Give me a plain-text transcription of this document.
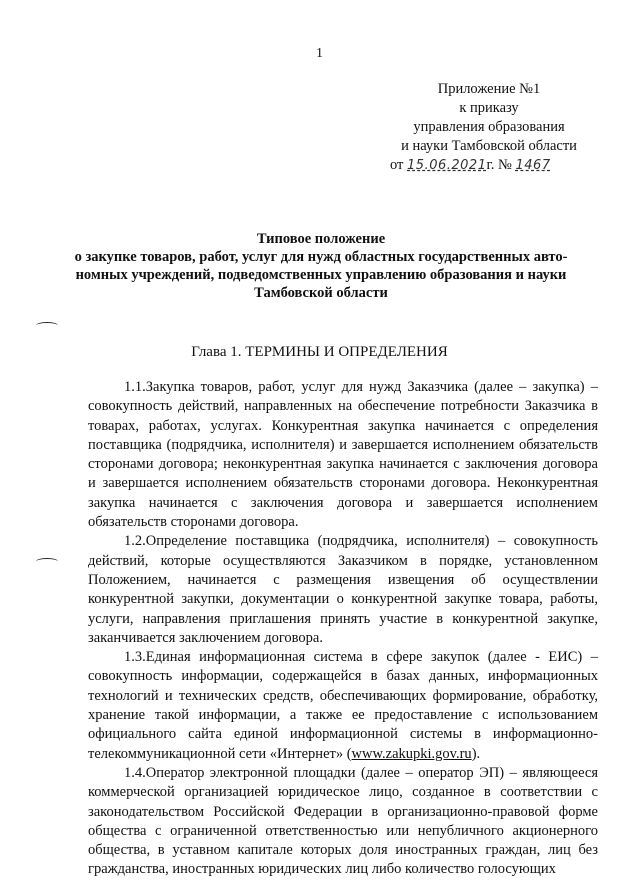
1
Приложение №1
к приказу
управления образования
и науки Тамбовской области
от 15.06.2021г. № 1467
Типовое положение
о закупке товаров, работ, услуг для нужд областных государственных авто-
номных учреждений, подведомственных управлению образования и науки
Тамбовской области
Глава 1. ТЕРМИНЫ И ОПРЕДЕЛЕНИЯ

1.1.Закупка товаров, работ, услуг для нужд Заказчика (далее – закупка) – совокупность действий, направленных на обеспечение потребности Заказчика в товарах, работах, услугах. Конкурентная закупка начинается с определения поставщика (подрядчика, исполнителя) и завершается исполнением обязательств сторонами договора; неконкурентная закупка начинается с заключения договора и завершается исполнением обязательств сторонами договора. Неконкурентная закупка начинается с заключения договора и завершается исполнением обязательств сторонами договора.

1.2.Определение поставщика (подрядчика, исполнителя) – совокупность действий, которые осуществляются Заказчиком в порядке, установленном Положением, начинается с размещения извещения об осуществлении конкурентной закупки, документации о конкурентной закупке товара, работы, услуги, направления приглашения принять участие в конкурентной закупке, заканчивается заключением договора.

1.3.Единая информационная система в сфере закупок (далее - ЕИС) – совокупность информации, содержащейся в базах данных, информационных технологий и технических средств, обеспечивающих формирование, обработку, хранение такой информации, а также ее предоставление с использованием официального сайта единой информационной системы в информационно-телекоммуникационной сети «Интернет» (www.zakupki.gov.ru).

1.4.Оператор электронной площадки (далее – оператор ЭП) – являющееся коммерческой организацией юридическое лицо, созданное в соответствии с законодательством Российской Федерации в организационно-правовой форме общества с ограниченной ответственностью или непубличного акционерного общества, в уставном капитале которых доля иностранных граждан, лиц без гражданства, иностранных юридических лиц либо количество голосующих
